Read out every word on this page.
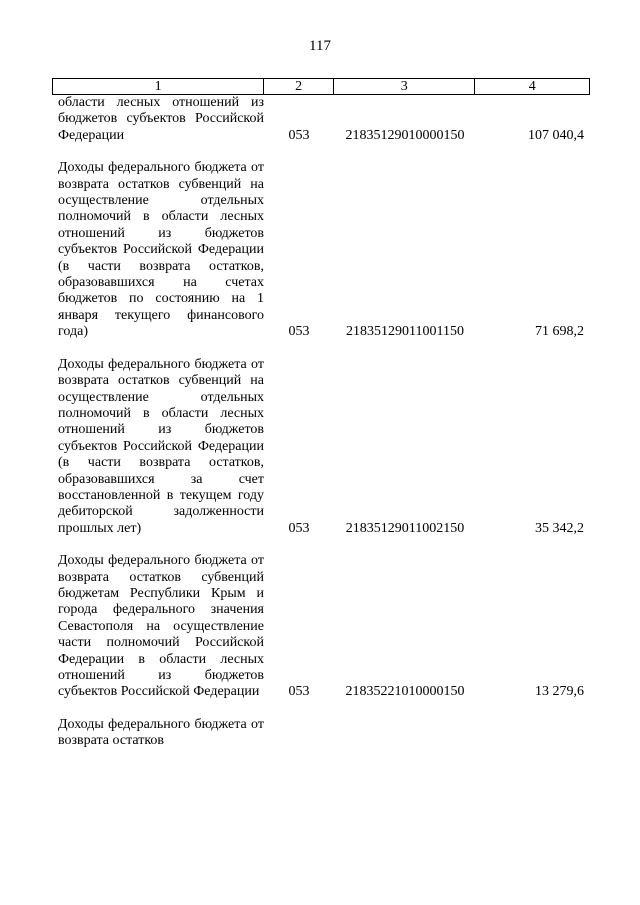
117
1	2	3	4
области лесных отношений из бюджетов субъектов Российской Федерации	053	21835129010000150	107 040,4
Доходы федерального бюджета от возврата остатков субвенций на осуществление отдельных полномочий в области лесных отношений из бюджетов субъектов Российской Федерации (в части возврата остатков, образовавшихся на счетах бюджетов по состоянию на 1 января текущего финансового года)	053	21835129011001150	71 698,2
Доходы федерального бюджета от возврата остатков субвенций на осуществление отдельных полномочий в области лесных отношений из бюджетов субъектов Российской Федерации (в части возврата остатков, образовавшихся за счет восстановленной в текущем году дебиторской задолженности прошлых лет)	053	21835129011002150	35 342,2
Доходы федерального бюджета от возврата остатков субвенций бюджетам Республики Крым и города федерального значения Севастополя на осуществление части полномочий Российской Федерации в области лесных отношений из бюджетов субъектов Российской Федерации	053	21835221010000150	13 279,6
Доходы федерального бюджета от возврата остатков
